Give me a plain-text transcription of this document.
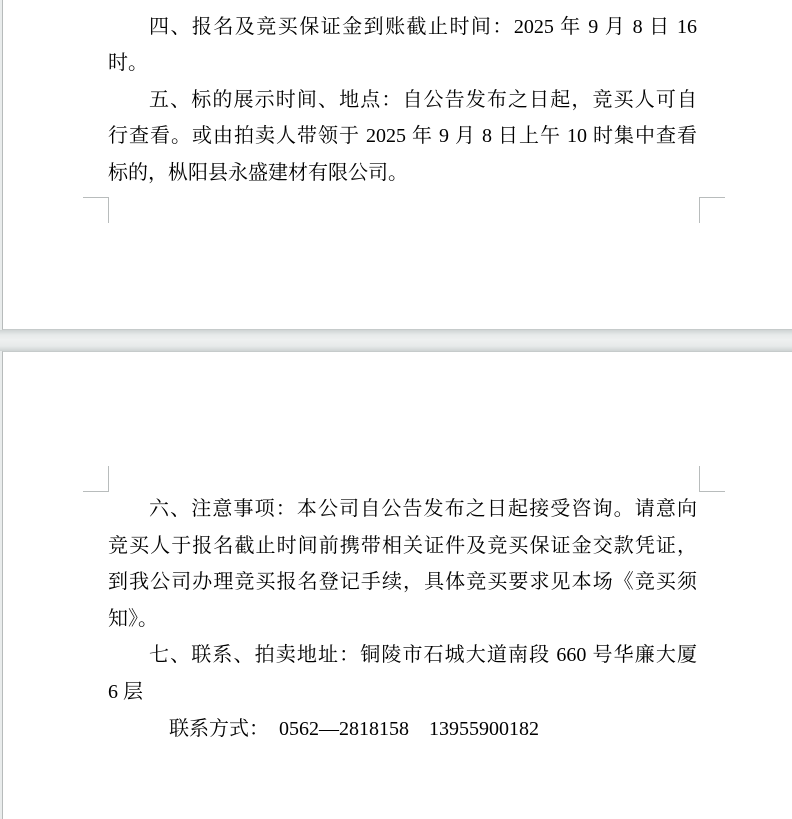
四、报名及竞买保证金到账截止时间：2025 年 9 月 8 日 16
时。
五、标的展示时间、地点：自公告发布之日起，竞买人可自
行查看。或由拍卖人带领于 2025 年 9 月 8 日上午 10 时集中查看
标的，枞阳县永盛建材有限公司。
六、注意事项：本公司自公告发布之日起接受咨询。请意向
竞买人于报名截止时间前携带相关证件及竞买保证金交款凭证，
到我公司办理竞买报名登记手续，具体竞买要求见本场《竞买须
知》。
七、联系、拍卖地址：铜陵市石城大道南段 660 号华廉大厦
6 层
联系方式：　0562—2818158　13955900182
